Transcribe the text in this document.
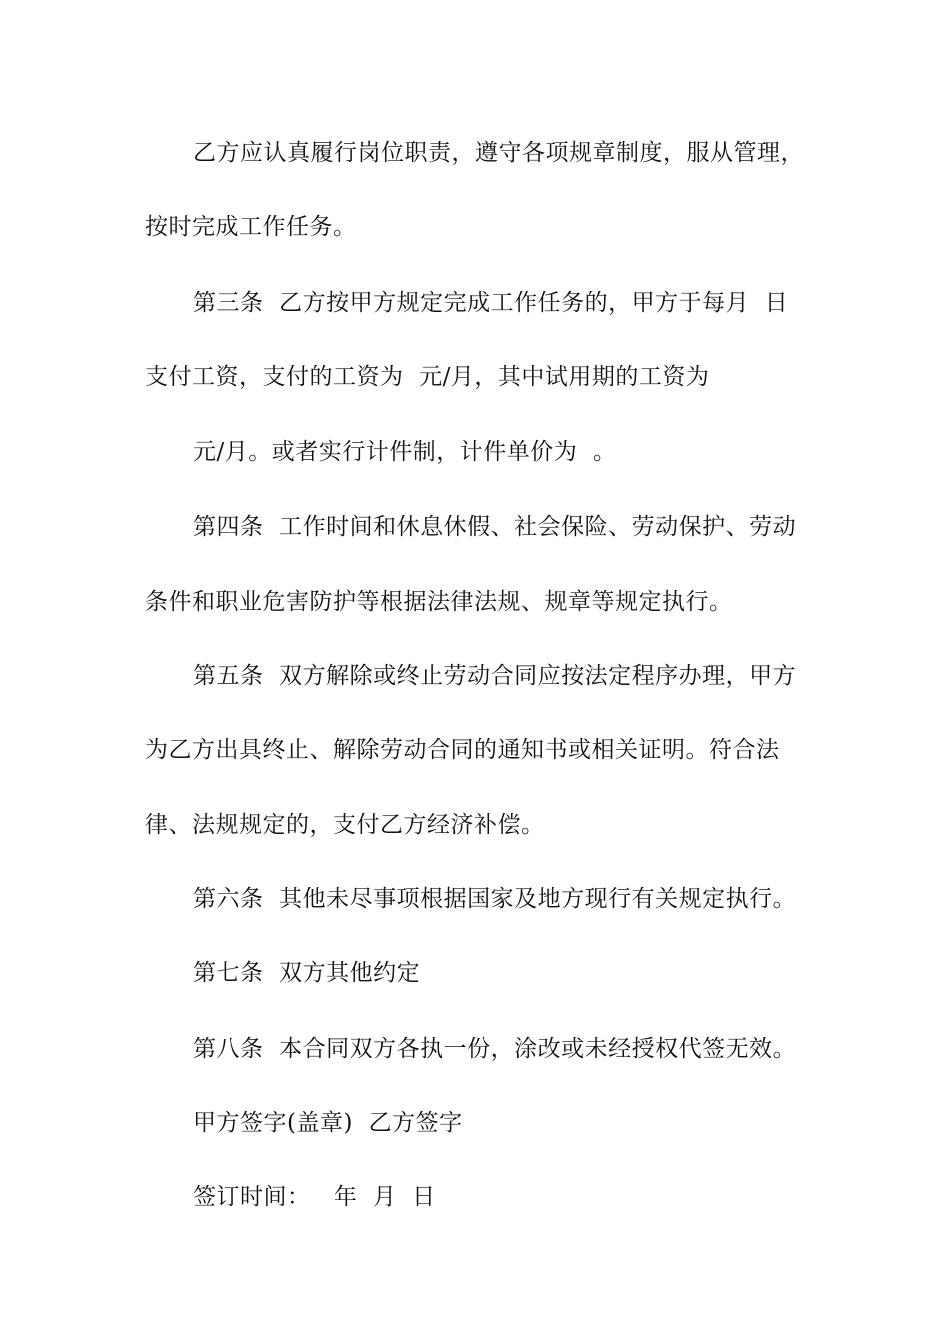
乙方应认真履行岗位职责，遵守各项规章制度，服从管理，
按时完成工作任务。
第三条  乙方按甲方规定完成工作任务的，甲方于每月  日
支付工资，支付的工资为  元/月，其中试用期的工资为
元/月。或者实行计件制，计件单价为  。
第四条  工作时间和休息休假、社会保险、劳动保护、劳动
条件和职业危害防护等根据法律法规、规章等规定执行。
第五条  双方解除或终止劳动合同应按法定程序办理，甲方
为乙方出具终止、解除劳动合同的通知书或相关证明。符合法
律、法规规定的，支付乙方经济补偿。
第六条  其他未尽事项根据国家及地方现行有关规定执行。
第七条  双方其他约定
第八条  本合同双方各执一份，涂改或未经授权代签无效。
甲方签字(盖章)  乙方签字
签订时间：   年  月  日
